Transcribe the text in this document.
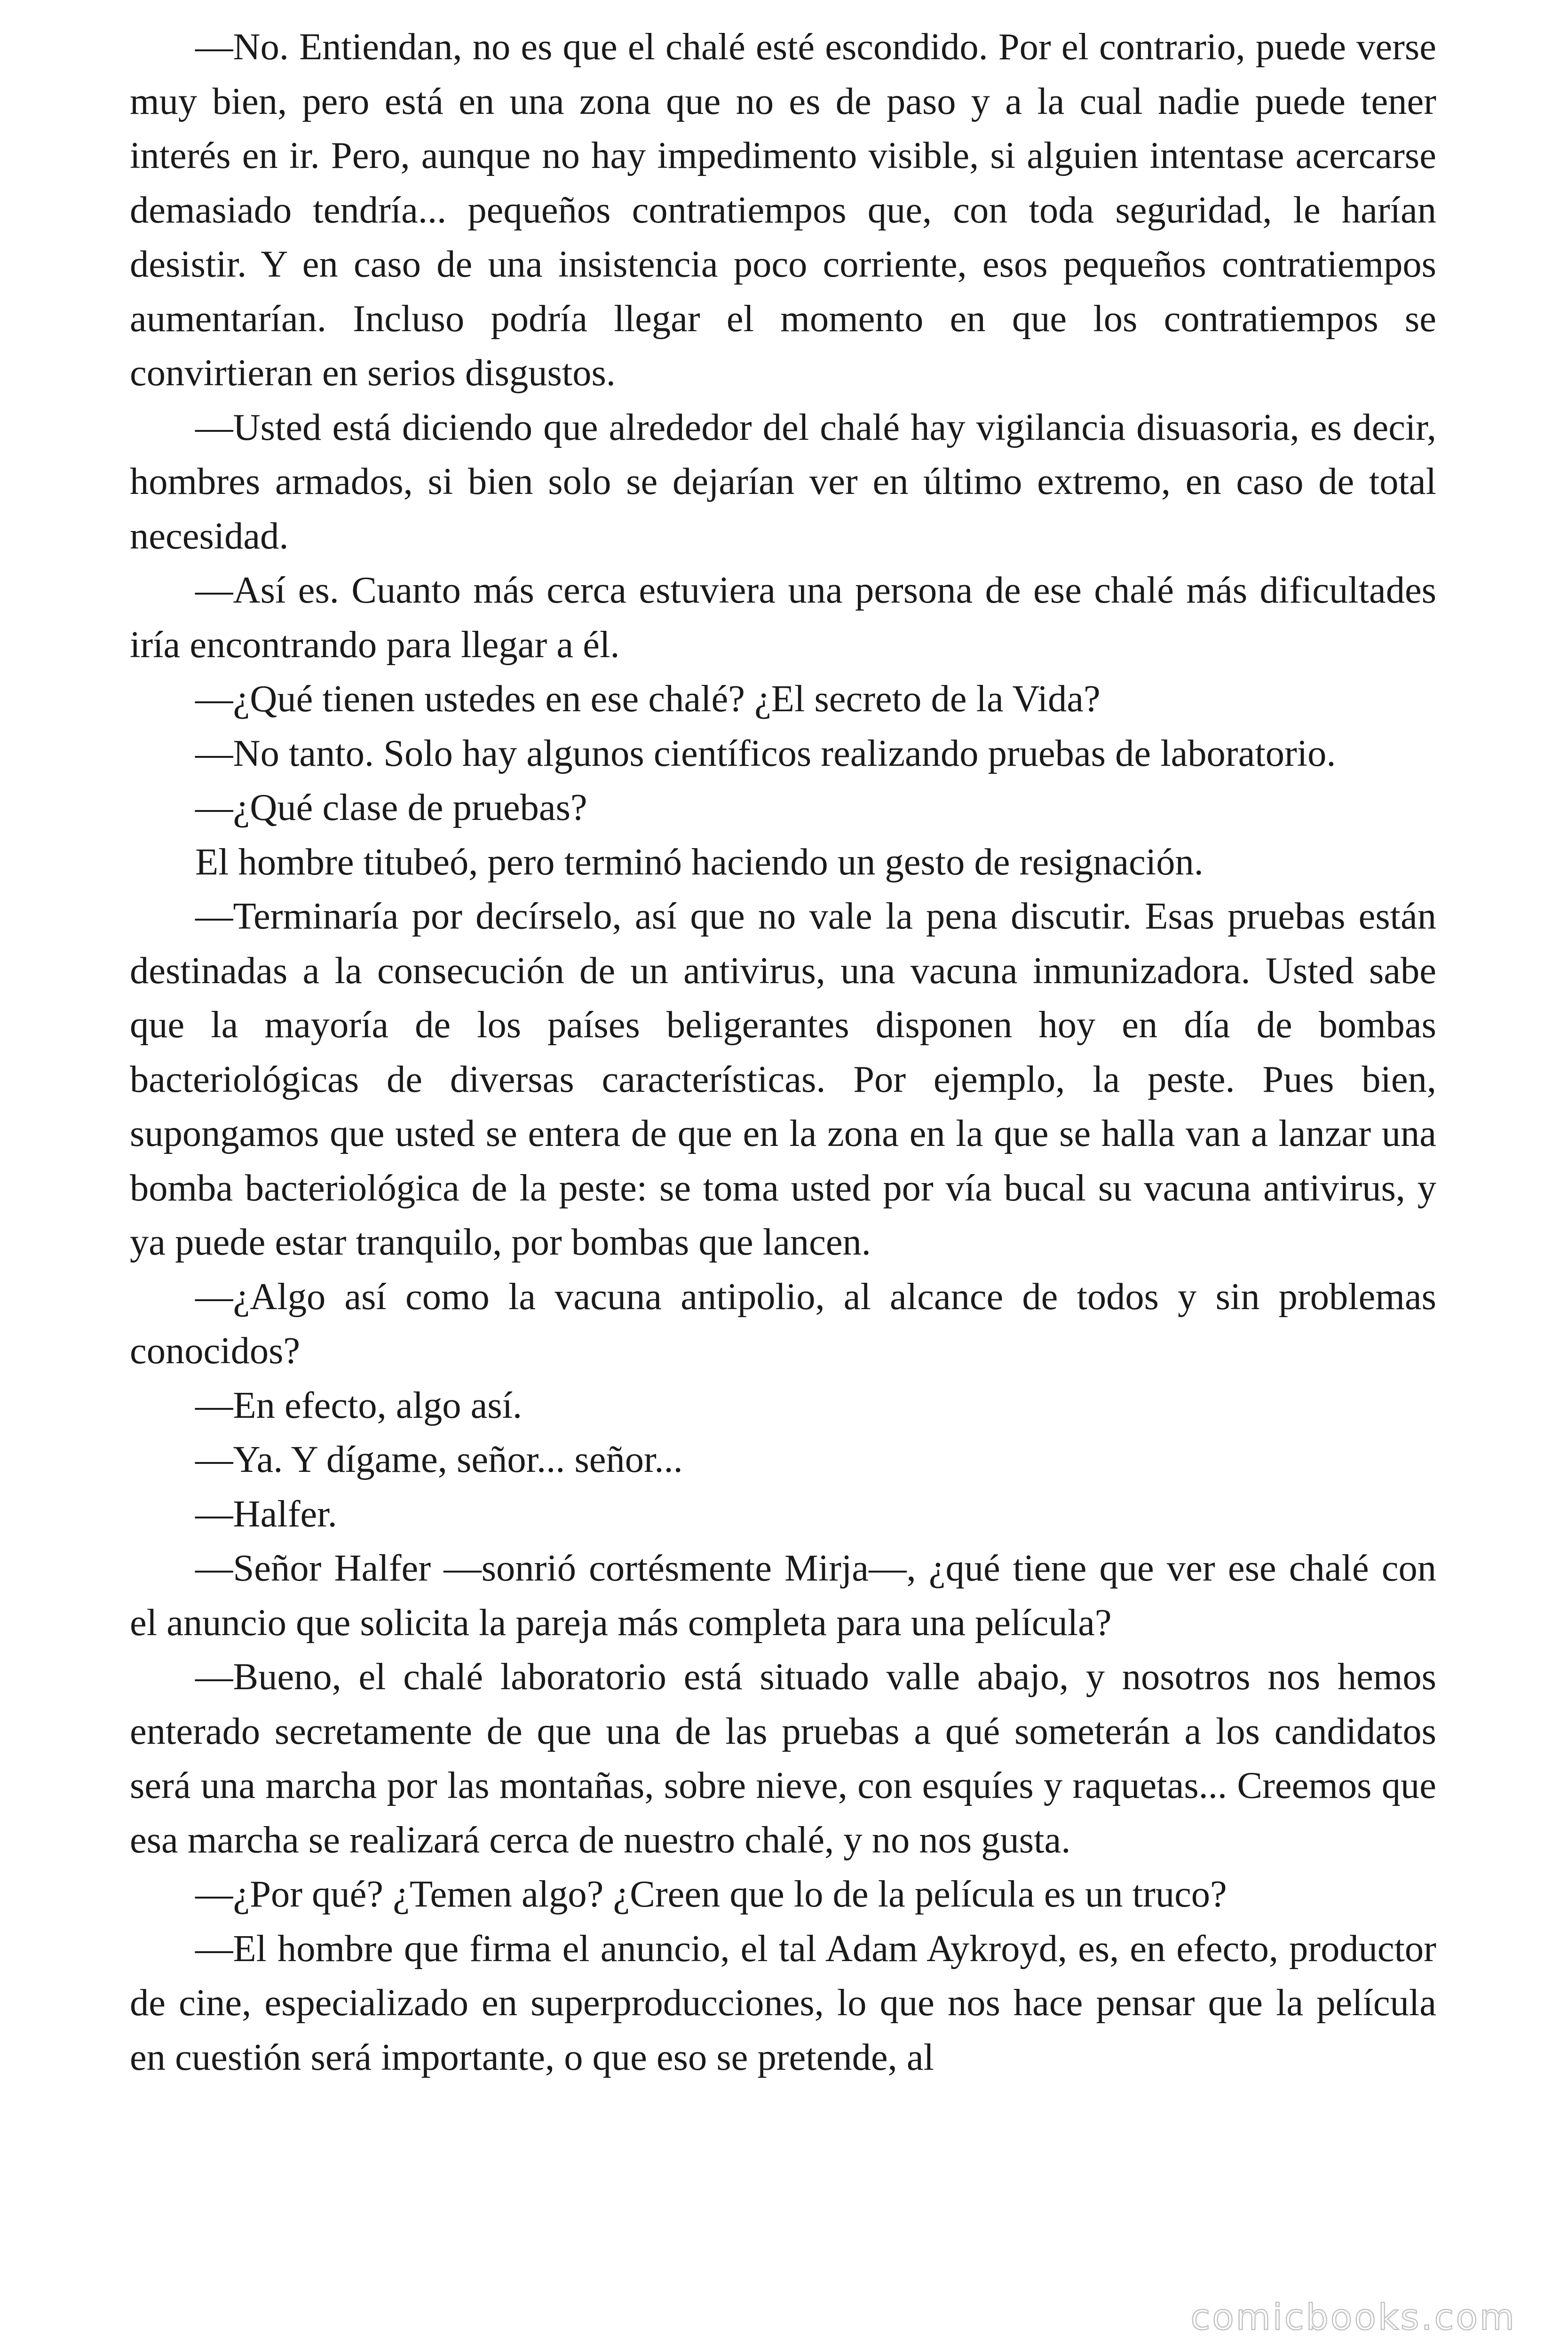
—No. Entiendan, no es que el chalé esté escondido. Por el contrario, puede verse muy bien, pero está en una zona que no es de paso y a la cual nadie puede tener interés en ir. Pero, aunque no hay impedimento visible, si alguien intentase acercarse demasiado tendría... pequeños contratiempos que, con toda seguridad, le harían desistir. Y en caso de una insistencia poco corriente, esos pequeños contratiempos aumentarían. Incluso podría llegar el momento en que los contratiempos se convirtieran en serios disgustos.

—Usted está diciendo que alrededor del chalé hay vigilancia disuasoria, es decir, hombres armados, si bien solo se dejarían ver en último extremo, en caso de total necesidad.

—Así es. Cuanto más cerca estuviera una persona de ese chalé más dificultades iría encontrando para llegar a él.

—¿Qué tienen ustedes en ese chalé? ¿El secreto de la Vida?

—No tanto. Solo hay algunos científicos realizando pruebas de laboratorio.

—¿Qué clase de pruebas?

El hombre titubeó, pero terminó haciendo un gesto de resignación.

—Terminaría por decírselo, así que no vale la pena discutir. Esas pruebas están destinadas a la consecución de un antivirus, una vacuna inmunizadora. Usted sabe que la mayoría de los países beligerantes disponen hoy en día de bombas bacteriológicas de diversas características. Por ejemplo, la peste. Pues bien, supongamos que usted se entera de que en la zona en la que se halla van a lanzar una bomba bacteriológica de la peste: se toma usted por vía bucal su vacuna antivirus, y ya puede estar tranquilo, por bombas que lancen.

—¿Algo así como la vacuna antipolio, al alcance de todos y sin problemas conocidos?

—En efecto, algo así.

—Ya. Y dígame, señor... señor...

—Halfer.

—Señor Halfer —sonrió cortésmente Mirja—, ¿qué tiene que ver ese chalé con el anuncio que solicita la pareja más completa para una película?

—Bueno, el chalé laboratorio está situado valle abajo, y nosotros nos hemos enterado secretamente de que una de las pruebas a qué someterán a los candidatos será una marcha por las montañas, sobre nieve, con esquíes y raquetas... Creemos que esa marcha se realizará cerca de nuestro chalé, y no nos gusta.

—¿Por qué? ¿Temen algo? ¿Creen que lo de la película es un truco?

—El hombre que firma el anuncio, el tal Adam Aykroyd, es, en efecto, productor de cine, especializado en superproducciones, lo que nos hace pensar que la película en cuestión será importante, o que eso se pretende, al

comicbooks.com
